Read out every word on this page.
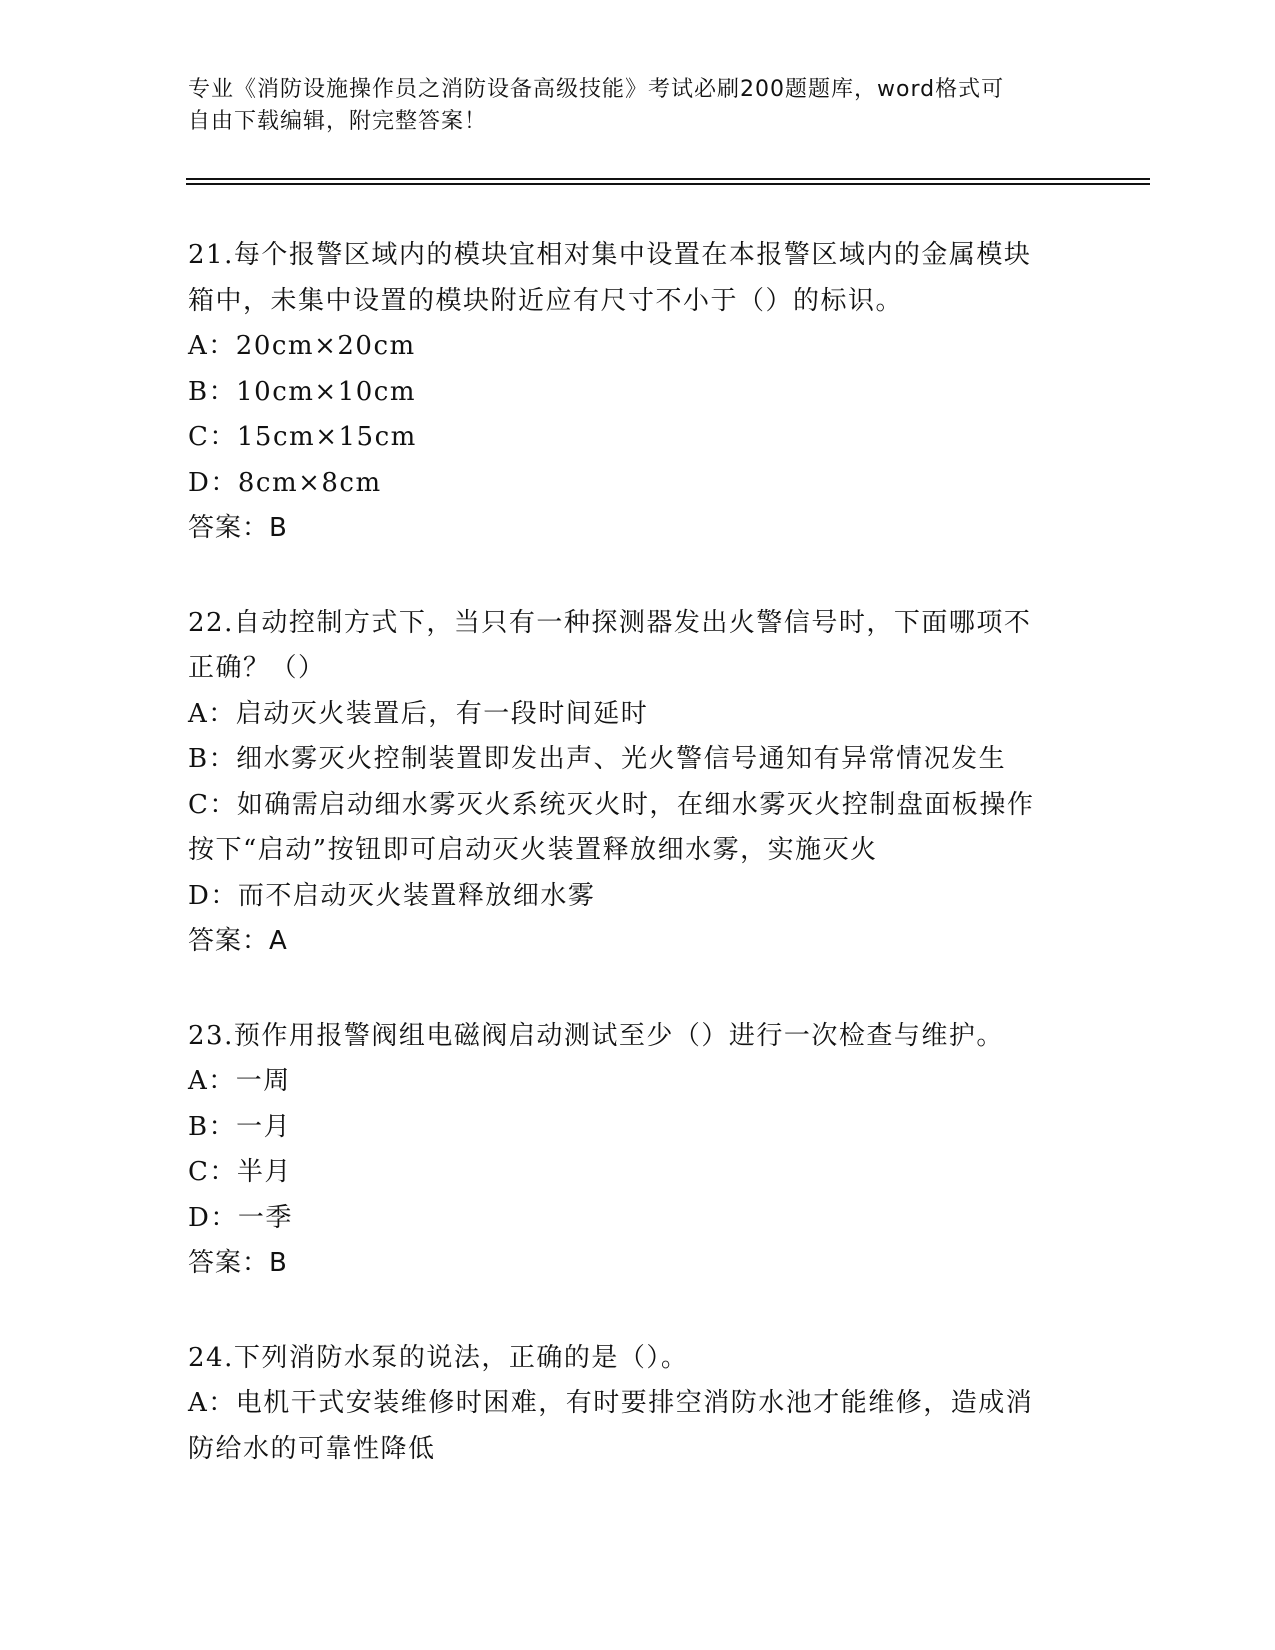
专业《消防设施操作员之消防设备高级技能》考试必刷200题题库，word格式可
自由下载编辑，附完整答案！
21.每个报警区域内的模块宜相对集中设置在本报警区域内的金属模块
箱中，未集中设置的模块附近应有尺寸不小于（）的标识。
A：20cm×20cm
B：10cm×10cm
C：15cm×15cm
D：8cm×8cm
答案：B
22.自动控制方式下，当只有一种探测器发出火警信号时，下面哪项不
正确？（）
A：启动灭火装置后，有一段时间延时
B：细水雾灭火控制装置即发出声、光火警信号通知有异常情况发生
C：如确需启动细水雾灭火系统灭火时，在细水雾灭火控制盘面板操作
按下“启动”按钮即可启动灭火装置释放细水雾，实施灭火
D：而不启动灭火装置释放细水雾
答案：A
23.预作用报警阀组电磁阀启动测试至少（）进行一次检查与维护。
A：一周
B：一月
C：半月
D：一季
答案：B
24.下列消防水泵的说法，正确的是（）。
A：电机干式安装维修时困难，有时要排空消防水池才能维修，造成消
防给水的可靠性降低
